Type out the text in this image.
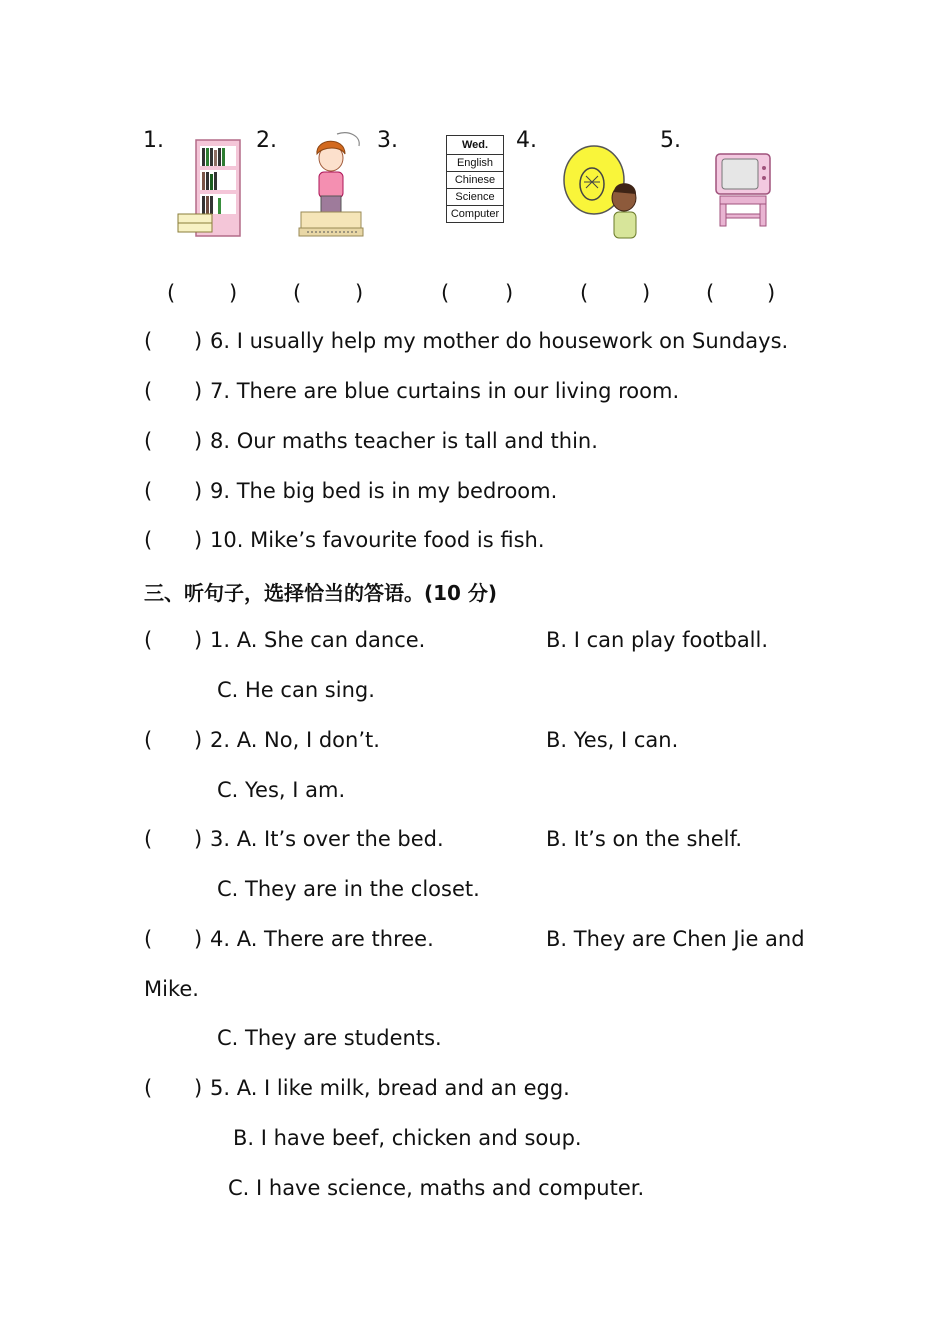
1.	2.	3.	4.	5.
Wed.
English
Chinese
Science
Computer
(	)	(	)	(	)	(	)	(	)
( ) 6. I usually help my mother do housework on Sundays.
( ) 7. There are blue curtains in our living room.
( ) 8. Our maths teacher is tall and thin.
( ) 9. The big bed is in my bedroom.
( ) 10. Mike’s favourite food is fish.
三、听句子，选择恰当的答语。(10 分)
( ) 1. A. She can dance.	B. I can play football.
C. He can sing.
( ) 2. A. No, I don’t.	B. Yes, I can.
C. Yes, I am.
( ) 3. A. It’s over the bed.	B. It’s on the shelf.
C. They are in the closet.
( ) 4. A. There are three.	B. They are Chen Jie and
Mike.
C. They are students.
( ) 5. A. I like milk, bread and an egg.
B. I have beef, chicken and soup.
C. I have science, maths and computer.
